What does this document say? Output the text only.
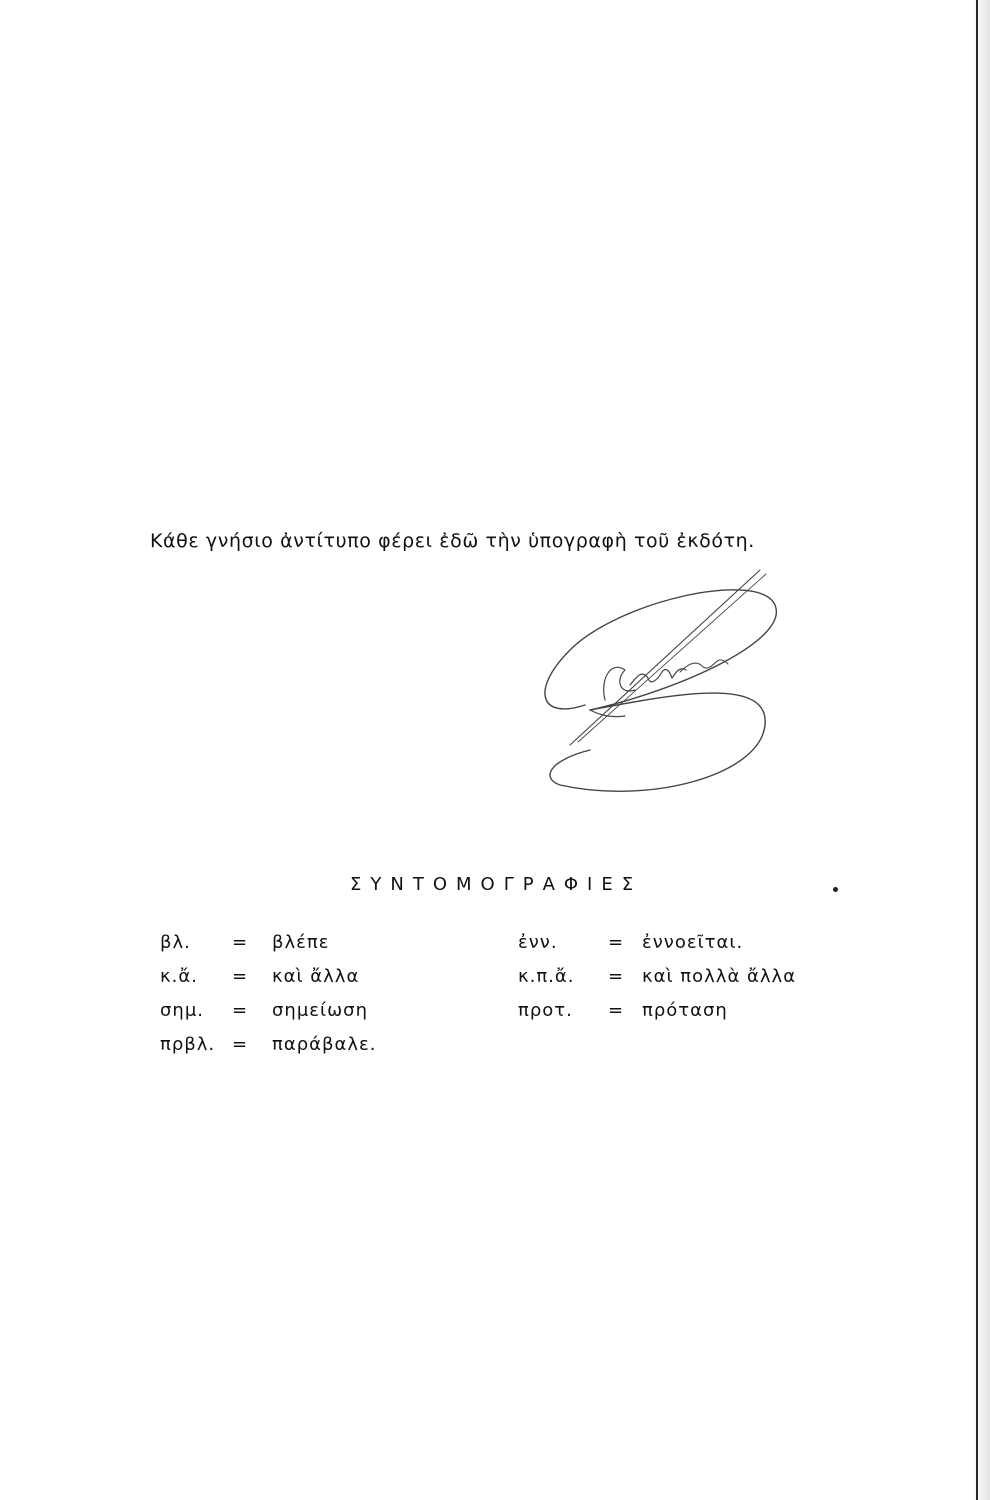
Κάθε γνήσιο ἀντίτυπο φέρει ἐδῶ τὴν ὑπογραφὴ τοῦ ἐκδότη.
ΣΥΝΤΟΜΟΓΡΑΦΙΕΣ
βλ. = βλέπε
κ.ἄ. = καὶ ἄλλα
σημ. = σημείωση
πρβλ. = παράβαλε.
ἐνν.	= ἐννοεῖται.
κ.π.ἄ. = καὶ πολλὰ ἄλλα
προτ. = πρόταση
